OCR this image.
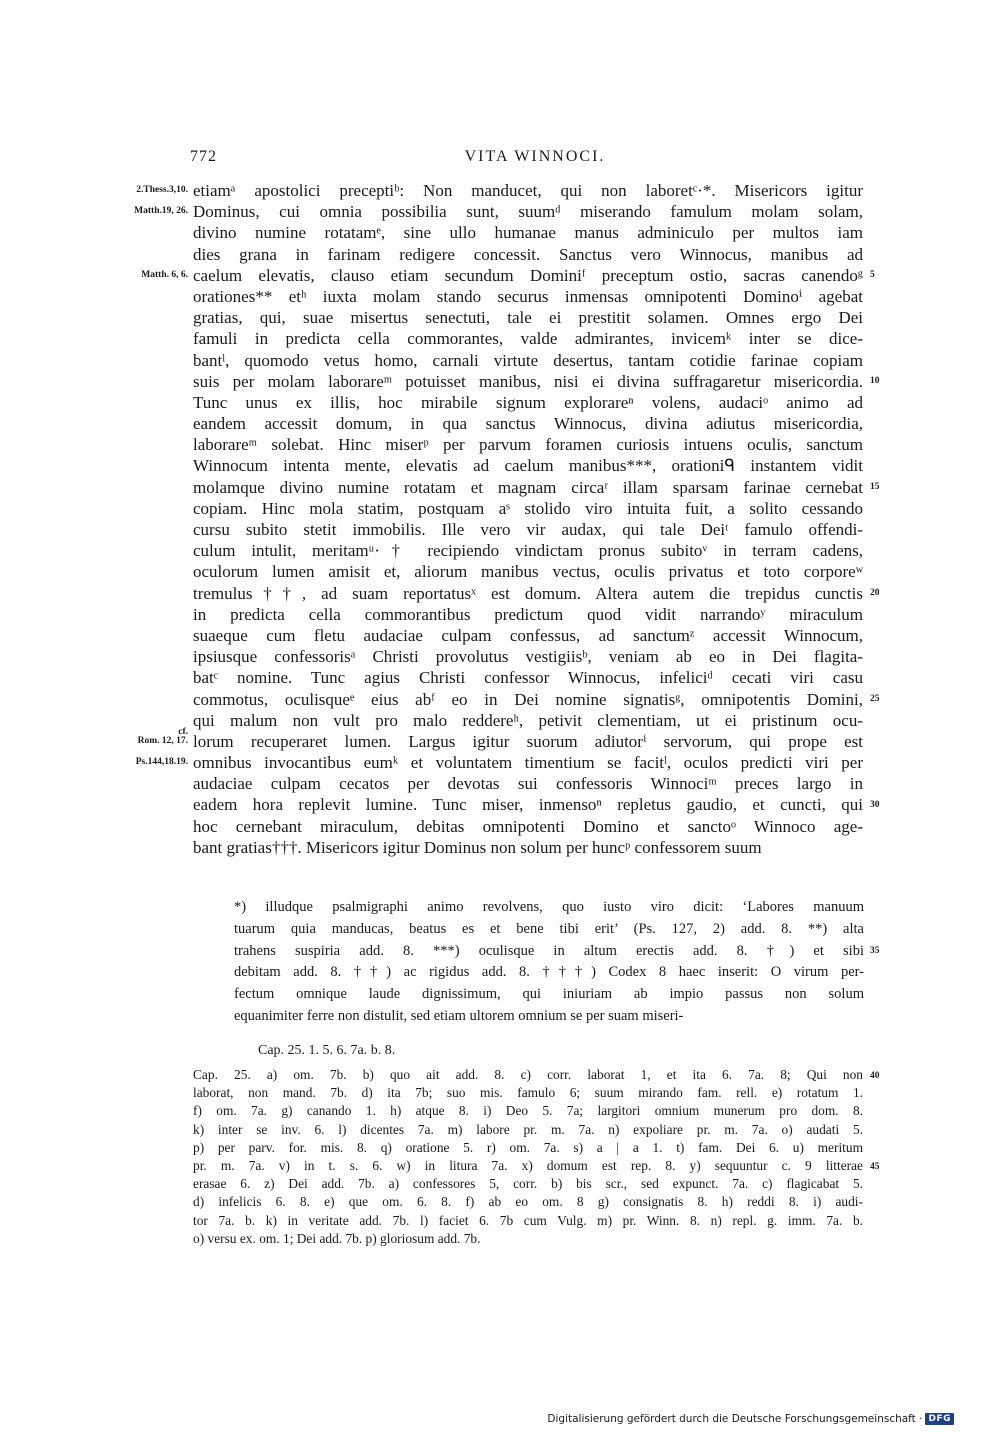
772	VITA WINNOCI.
etiamᵃ apostolici preceptiᵇ: Non manducet, qui non laboretᶜ·*. Misericors igitur
Dominus, cui omnia possibilia sunt, suumᵈ miserando famulum molam solam,
divino numine rotatamᵉ, sine ullo humanae manus adminiculo per multos iam
dies grana in farinam redigere concessit. Sanctus vero Winnocus, manibus ad
caelum elevatis, clauso etiam secundum Dominiᶠ preceptum ostio, sacras canendoᵍ
orationes** etʰ iuxta molam stando securus inmensas omnipotenti Dominoⁱ agebat
gratias, qui, suae misertus senectuti, tale ei prestitit solamen. Omnes ergo Dei
famuli in predicta cella commorantes, valde admirantes, invicemᵏ inter se dice-
bantˡ, quomodo vetus homo, carnali virtute desertus, tantam cotidie farinae copiam
suis per molam laborareᵐ potuisset manibus, nisi ei divina suffragaretur misericordia.
Tunc unus ex illis, hoc mirabile signum explorareⁿ volens, audaciᵒ animo ad
eandem accessit domum, in qua sanctus Winnocus, divina adiutus misericordia,
laborareᵐ solebat. Hinc miserᵖ per parvum foramen curiosis intuens oculis, sanctum
Winnocum intenta mente, elevatis ad caelum manibus***, orationiᑫ instantem vidit
molamque divino numine rotatam et magnam circaʳ illam sparsam farinae cernebat
copiam. Hinc mola statim, postquam aˢ stolido viro intuita fuit, a solito cessando
cursu subito stetit immobilis. Ille vero vir audax, qui tale Deiᵗ famulo offendi-
culum intulit, meritamᵘ·† recipiendo vindictam pronus subitoᵛ in terram cadens,
oculorum lumen amisit et, aliorum manibus vectus, oculis privatus et toto corporeʷ
tremulus††, ad suam reportatusˣ est domum. Altera autem die trepidus cunctis
in predicta cella commorantibus predictum quod vidit narrandoʸ miraculum
suaeque cum fletu audaciae culpam confessus, ad sanctumᶻ accessit Winnocum,
ipsiusque confessorisᵃ Christi provolutus vestigiisᵇ, veniam ab eo in Dei flagita-
batᶜ nomine. Tunc agius Christi confessor Winnocus, infeliciᵈ cecati viri casu
commotus, oculisqueᵉ eius abᶠ eo in Dei nomine signatisᵍ, omnipotentis Domini,
qui malum non vult pro malo reddereʰ, petivit clementiam, ut ei pristinum ocu-
lorum recuperaret lumen. Largus igitur suorum adiutorⁱ servorum, qui prope est
omnibus invocantibus eumᵏ et voluntatem timentium se facitˡ, oculos predicti viri per
audaciae culpam cecatos per devotas sui confessoris Winnociᵐ preces largo in
eadem hora replevit lumine. Tunc miser, inmensoⁿ repletus gaudio, et cuncti, qui
hoc cernebant miraculum, debitas omnipotenti Domino et sanctoᵒ Winnoco age-
bant gratias†††. Misericors igitur Dominus non solum per huncᵖ confessorem suum
2.Thess.3,10.
Matth.19, 26.
Matth. 6, 6.
cf.
Rom. 12, 17.
Ps.144,18.19.
5
10
15
20
25
30
35
40
45
*) illudque psalmigraphi animo revolvens, quo iusto viro dicit: ‘Labores manuum
tuarum quia manducas, beatus es et bene tibi erit’ (Ps. 127, 2) add. 8. **) alta
trahens suspiria add. 8. ***) oculisque in altum erectis add. 8. †) et sibi
debitam add. 8. ††) ac rigidus add. 8. †††) Codex 8 haec inserit: O virum per-
fectum omnique laude dignissimum, qui iniuriam ab impio passus non solum
equanimiter ferre non distulit, sed etiam ultorem omnium se per suam miseri-
Cap. 25. 1. 5. 6. 7a. b. 8.
Cap. 25. a) om. 7b. b) quo ait add. 8. c) corr. laborat 1, et ita 6. 7a. 8; Qui non
laborat, non mand. 7b. d) ita 7b; suo mis. famulo 6; suum mirando fam. rell. e) rotatum 1.
f) om. 7a. g) canando 1. h) atque 8. i) Deo 5. 7a; largitori omnium munerum pro dom. 8.
k) inter se inv. 6. l) dicentes 7a. m) labore pr. m. 7a. n) expoliare pr. m. 7a. o) audati 5.
p) per parv. for. mis. 8. q) oratione 5. r) om. 7a. s) a | a 1. t) fam. Dei 6. u) meritum
pr. m. 7a. v) in t. s. 6. w) in litura 7a. x) domum est rep. 8. y) sequuntur c. 9 litterae
erasae 6. z) Dei add. 7b. a) confessores 5, corr. b) bis scr., sed expunct. 7a. c) flagicabat 5.
d) infelicis 6. 8. e) que om. 6. 8. f) ab eo om. 8 g) consignatis 8. h) reddi 8. i) audi-
tor 7a. b. k) in veritate add. 7b. l) faciet 6. 7b cum Vulg. m) pr. Winn. 8. n) repl. g. imm. 7a. b.
o) versu ex. om. 1; Dei add. 7b. p) gloriosum add. 7b.
Digitalisierung gefördert durch die Deutsche Forschungsgemeinschaft · DFG
